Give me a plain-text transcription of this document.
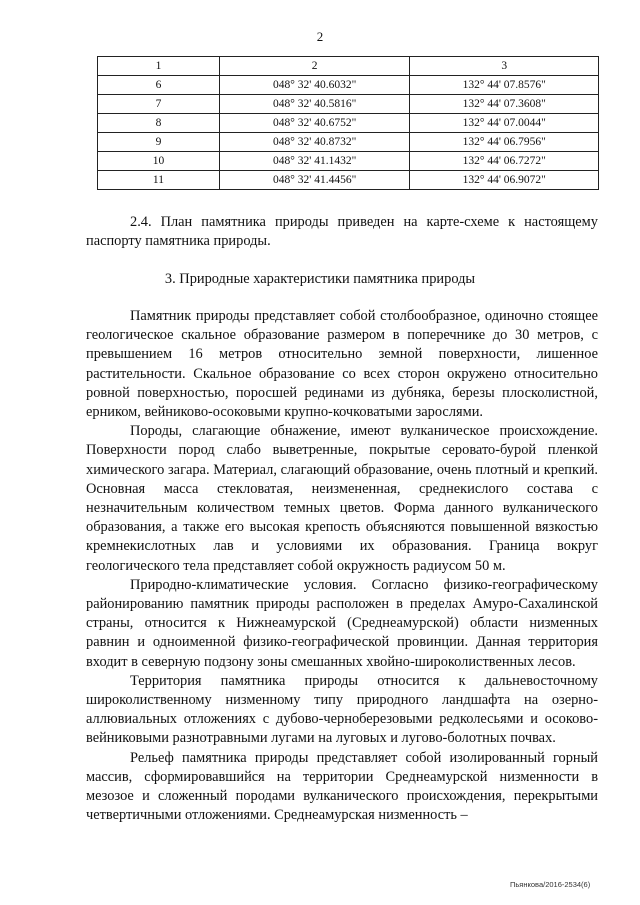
2
1	2	3
6	048° 32' 40.6032"	132° 44' 07.8576"
7	048° 32' 40.5816"	132° 44' 07.3608"
8	048° 32' 40.6752"	132° 44' 07.0044"
9	048° 32' 40.8732"	132° 44' 06.7956"
10	048° 32' 41.1432"	132° 44' 06.7272"
11	048° 32' 41.4456"	132° 44' 06.9072"

2.4. План памятника природы приведен на карте-схеме к настоящему паспорту памятника природы.

3. Природные характеристики памятника природы

Памятник природы представляет собой столбообразное, одиночно стоящее геологическое скальное образование размером в поперечнике до 30 метров, с превышением 16 метров относительно земной поверхности, лишенное растительности. Скальное образование со всех сторон окружено относительно ровной поверхностью, поросшей рединами из дубняка, березы плосколистной, ерником, вейниково-осоковыми крупно-кочковатыми зарослями.

Породы, слагающие обнажение, имеют вулканическое происхождение. Поверхности пород слабо выветренные, покрытые серовато-бурой пленкой химического загара. Материал, слагающий образование, очень плотный и крепкий. Основная масса стекловатая, неизмененная, среднекислого состава с незначительным количеством темных цветов. Форма данного вулканического образования, а также его высокая крепость объясняются повышенной вязкостью кремнекислотных лав и условиями их образования. Граница вокруг геологического тела представляет собой окружность радиусом 50 м.

Природно-климатические условия. Согласно физико-географическому районированию памятник природы расположен в пределах Амуро-Сахалинской страны, относится к Нижнеамурской (Среднеамурской) области низменных равнин и одноименной физико-географической провинции. Данная территория входит в северную подзону зоны смешанных хвойно-широколиственных лесов.

Территория памятника природы относится к дальневосточному широколиственному низменному типу природного ландшафта на озерно-аллювиальных отложениях с дубово-черноберезовыми редколесьями и осоково-вейниковыми разнотравными лугами на луговых и лугово-болотных почвах.

Рельеф памятника природы представляет собой изолированный горный массив, сформировавшийся на территории Среднеамурской низменности в мезозое и сложенный породами вулканического происхождения, перекрытыми четвертичными отложениями. Среднеамурская низменность –

Пьянкова/2016-2534(6)
